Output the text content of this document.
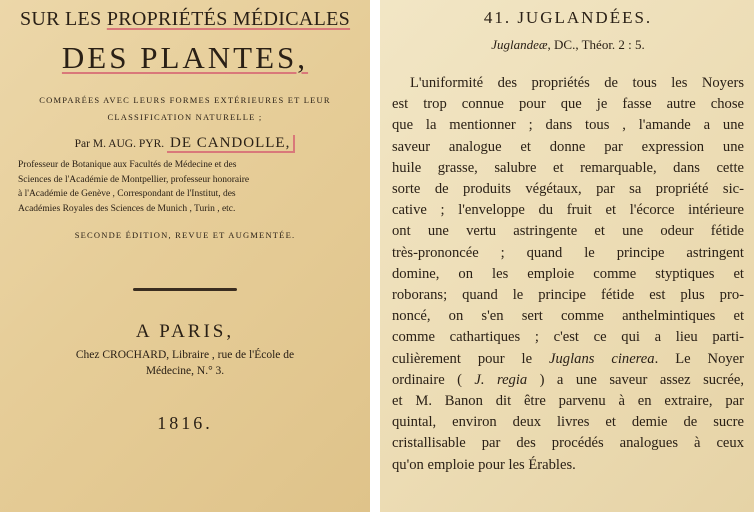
SUR LES PROPRIÉTÉS MÉDICALES
DES PLANTES,
COMPARÉES AVEC LEURS FORMES EXTÉRIEURES ET LEUR
CLASSIFICATION NATURELLE ;
Par M. AUG. PYR. DE CANDOLLE,
Professeur de Botanique aux Facultés de Médecine et des
Sciences de l'Académie de Montpellier, professeur honoraire
à l'Académie de Genève , Correspondant de l'Institut, des
Académies Royales des Sciences de Munich , Turin , etc.
SECONDE ÉDITION, REVUE ET AUGMENTÉE.
A PARIS,
Chez CROCHARD, Libraire , rue de l'École de
Médecine, N.° 3.
1816.
41. JUGLANDÉES.
Juglandeæ, DC., Théor. 2 : 5.
L'uniformité des propriétés de tous les Noyers
est trop connue pour que je fasse autre chose
que la mentionner ; dans tous , l'amande a une
saveur analogue et donne par expression une
huile grasse, salubre et remarquable, dans cette
sorte de produits végétaux, par sa propriété sic-
cative ; l'enveloppe du fruit et l'écorce intérieure
ont une vertu astringente et une odeur fétide
très-prononcée ; quand le principe astringent
domine, on les emploie comme styptiques et
roborans; quand le principe fétide est plus pro-
noncé, on s'en sert comme anthelmintiques et
comme cathartiques ; c'est ce qui a lieu parti-
culièrement pour le Juglans cinerea. Le Noyer
ordinaire ( J. regia ) a une saveur assez sucrée,
et M. Banon dit être parvenu à en extraire, par
quintal, environ deux livres et demie de sucre
cristallisable par des procédés analogues à ceux
qu'on emploie pour les Érables.
